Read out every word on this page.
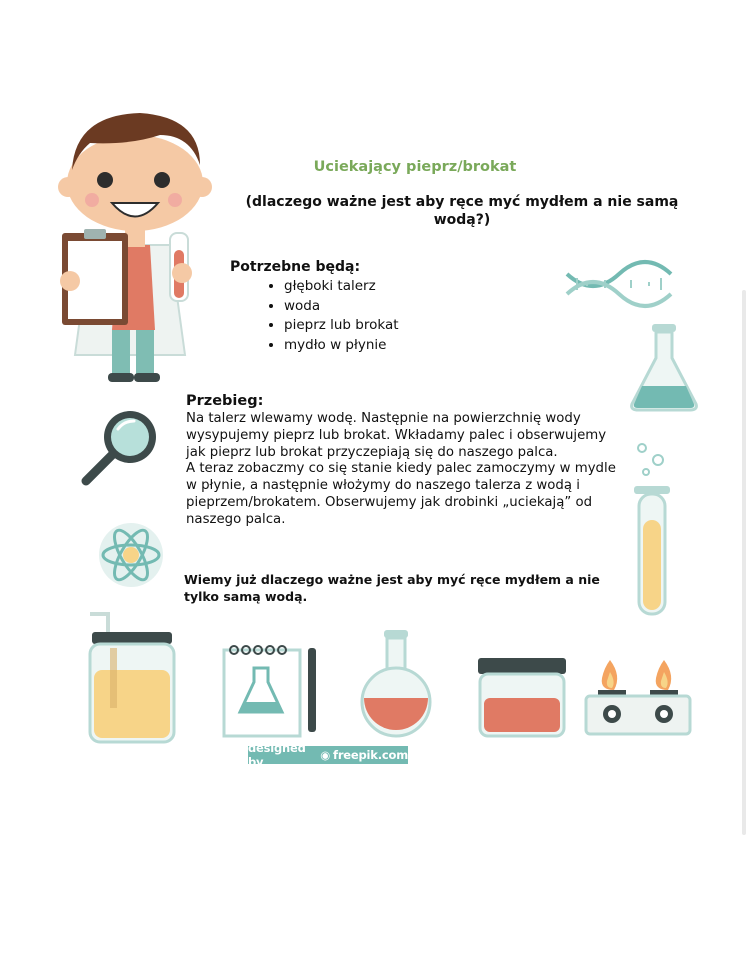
Uciekający pieprz/brokat
(dlaczego ważne jest aby ręce myć mydłem a nie samą wodą?)
Potrzebne będą:
• głęboki talerz
• woda
• pieprz lub brokat
• mydło w płynie
Przebieg:

Na talerz wlewamy wodę. Następnie na powierzchnię wody wysypujemy pieprz lub brokat. Wkładamy palec i obserwujemy jak pieprz lub brokat przyczepiają się do naszego palca.

A teraz zobaczmy co się stanie kiedy palec zamoczymy w mydle w płynie, a następnie włożymy do naszego talerza z wodą i pieprzem/brokatem. Obserwujemy jak drobinki „uciekają” od naszego palca.

Wiemy już dlaczego ważne jest aby myć ręce mydłem a nie tylko samą wodą.
designed by	◉ freepik.com
